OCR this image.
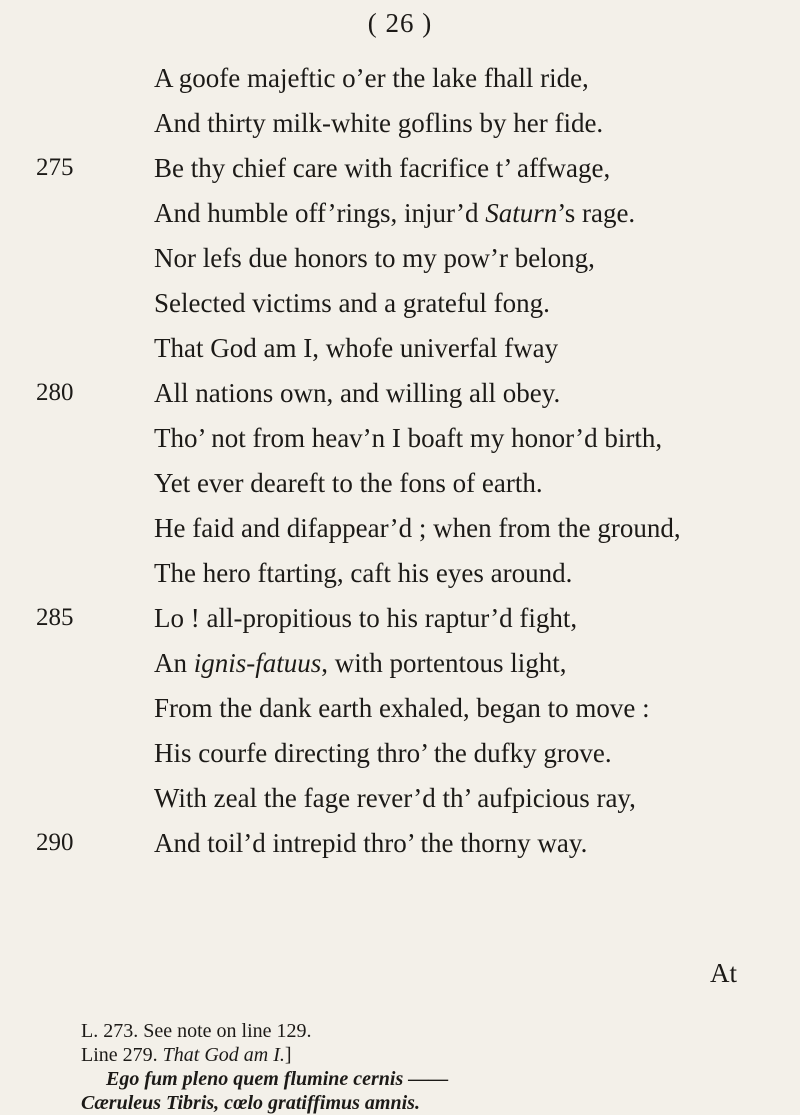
( 26 )
A goofe majeftic o’er the lake fhall ride,
And thirty milk-white goflins by her fide.
275	Be thy chief care with facrifice t’ affwage,
And humble off’rings, injur’d Saturn’s rage.
Nor lefs due honors to my pow’r belong,
Selected victims and a grateful fong.
That God am I, whofe univerfal fway
280	All nations own, and willing all obey.
Tho’ not from heav’n I boaft my honor’d birth,
Yet ever deareft to the fons of earth.
He faid and difappear’d ; when from the ground,
The hero ftarting, caft his eyes around.
285	Lo ! all-propitious to his raptur’d fight,
An ignis-fatuus, with portentous light,
From the dank earth exhaled, began to move :
His courfe directing thro’ the dufky grove.
With zeal the fage rever’d th’ aufpicious ray,
290	And toil’d intrepid thro’ the thorny way.
At
L. 273. See note on line 129.
Line 279. That God am I.]
Ego fum pleno quem flumine cernis ——
Cæruleus Tibris, cœlo gratiffimus amnis.
